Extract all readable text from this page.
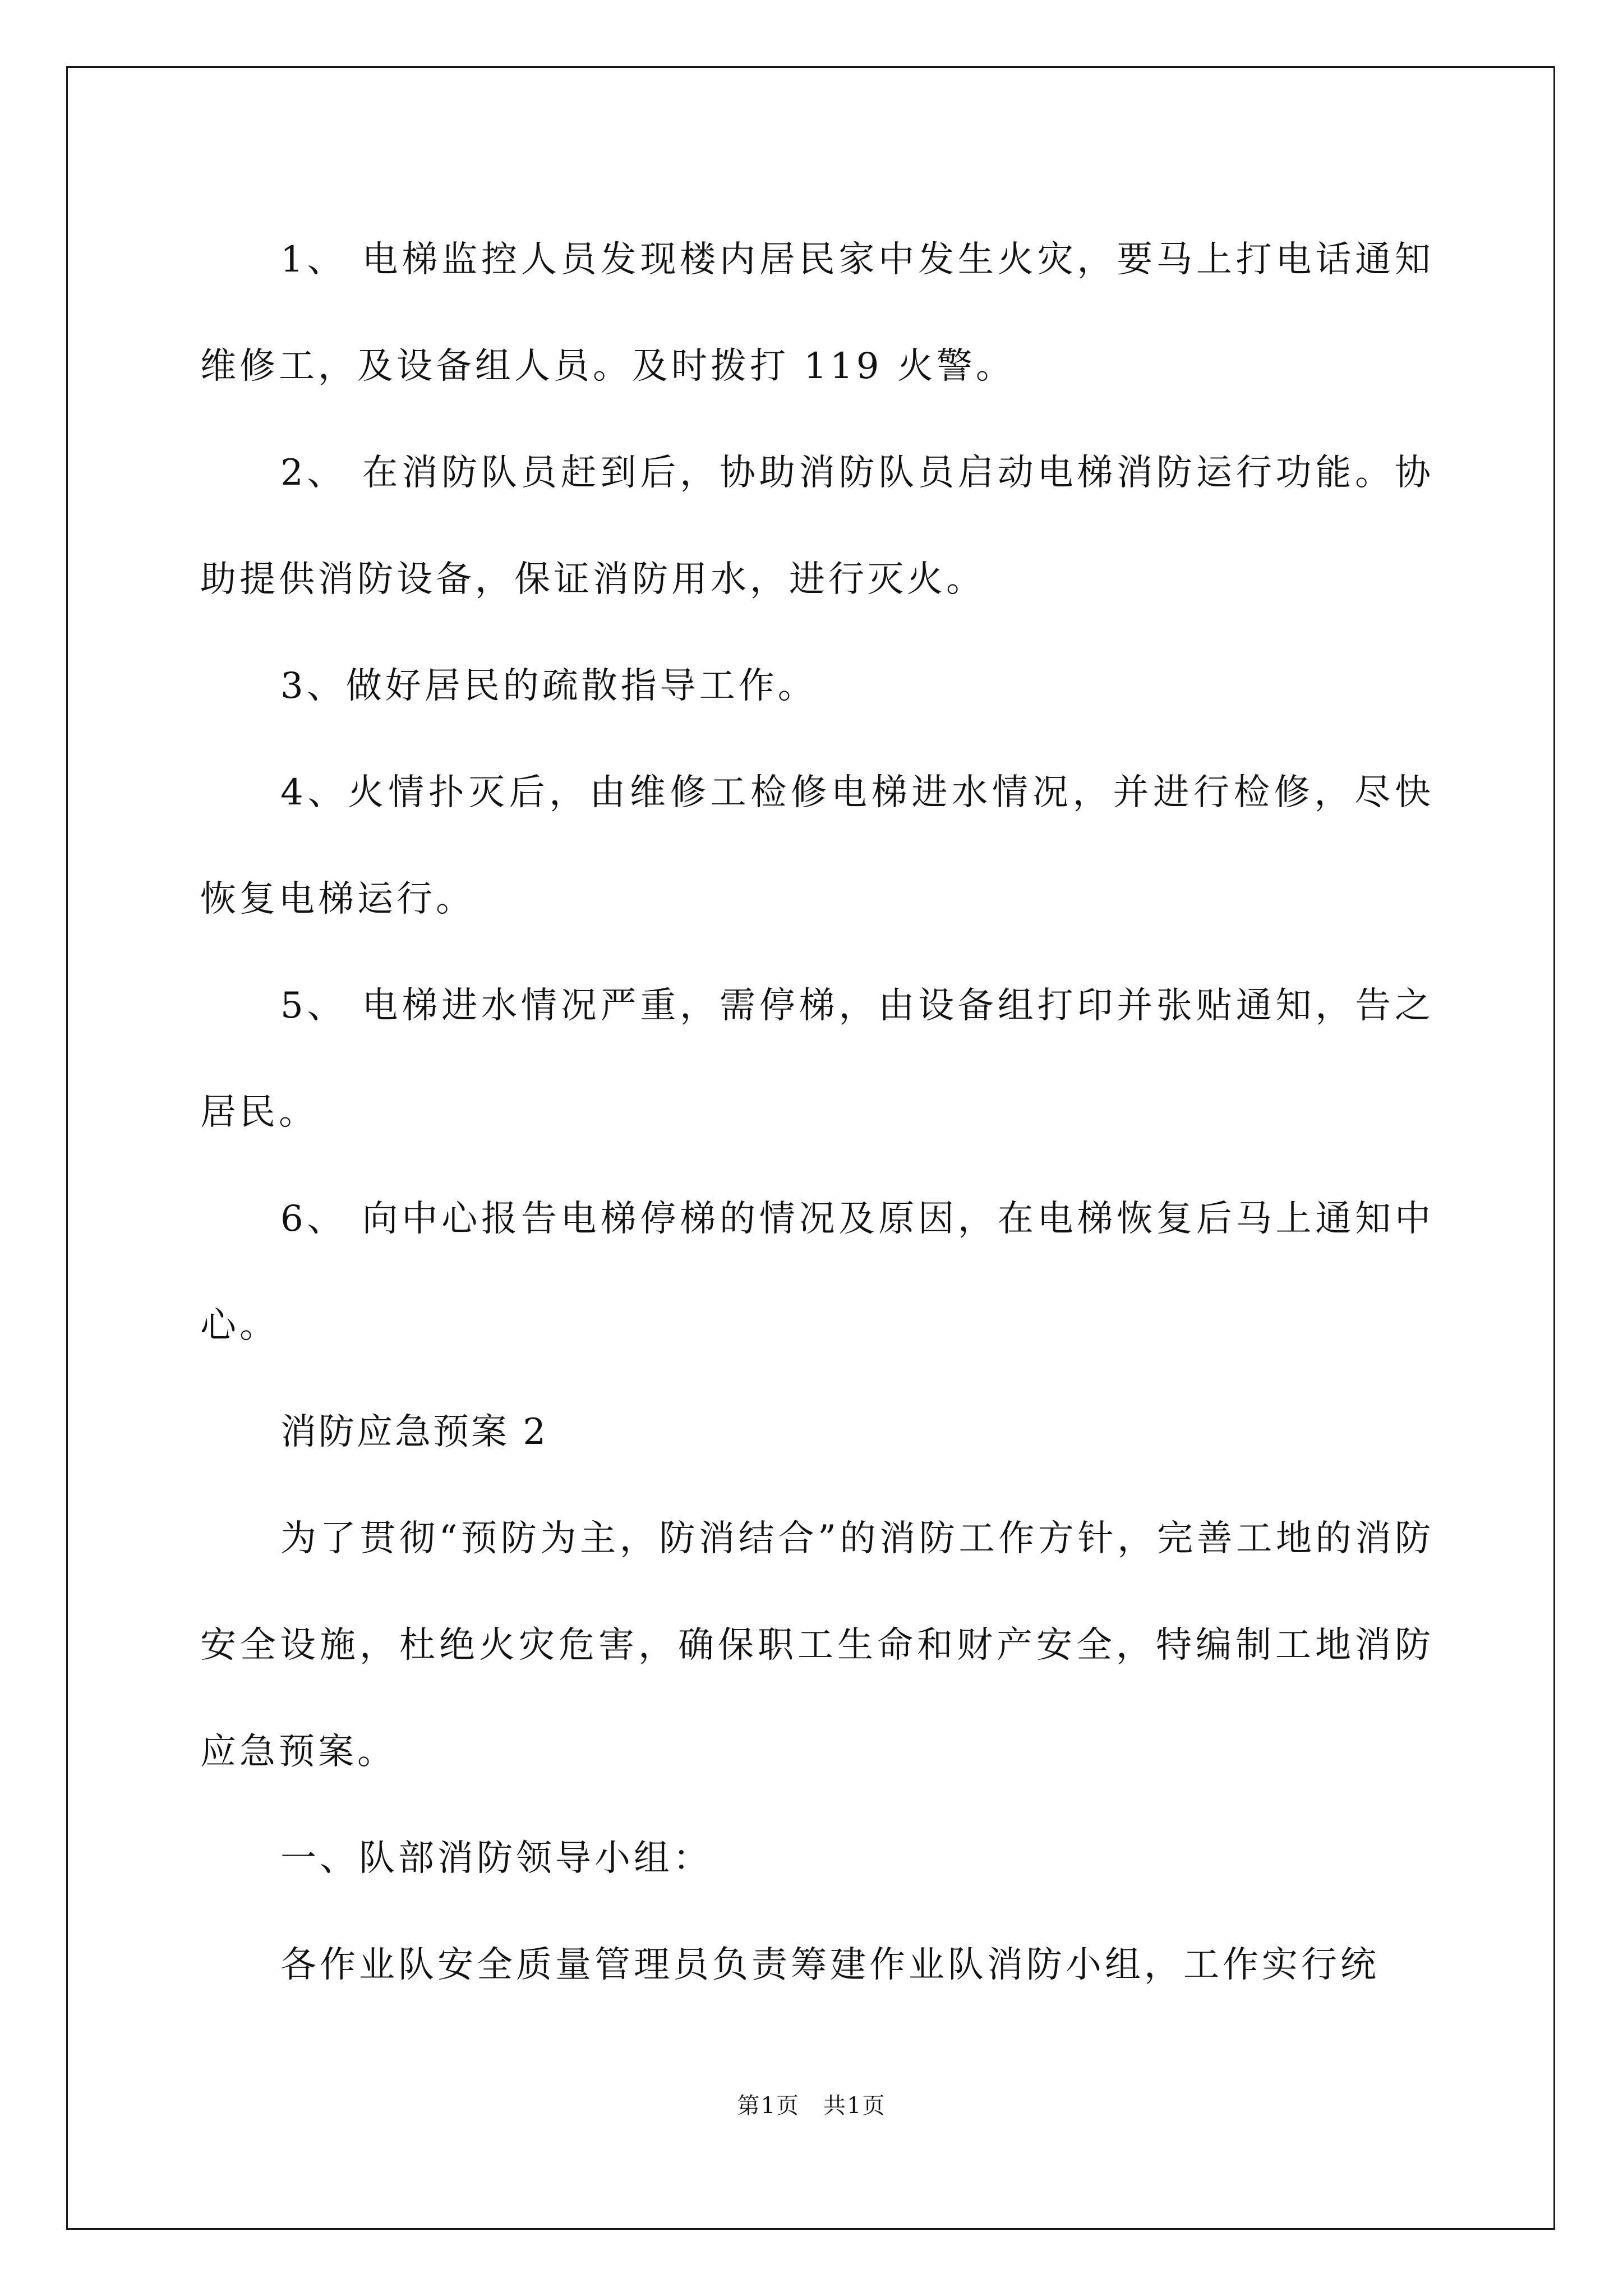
1、 电梯监控人员发现楼内居民家中发生火灾，要马上打电话通知维修工，及设备组人员。及时拨打 119 火警。

2、 在消防队员赶到后，协助消防队员启动电梯消防运行功能。协助提供消防设备，保证消防用水，进行灭火。

3、做好居民的疏散指导工作。

4、火情扑灭后，由维修工检修电梯进水情况，并进行检修，尽快恢复电梯运行。

5、 电梯进水情况严重，需停梯，由设备组打印并张贴通知，告之居民。

6、 向中心报告电梯停梯的情况及原因，在电梯恢复后马上通知中心。

消防应急预案 2

为了贯彻“预防为主，防消结合”的消防工作方针，完善工地的消防安全设施，杜绝火灾危害，确保职工生命和财产安全，特编制工地消防应急预案。

一、队部消防领导小组：

各作业队安全质量管理员负责筹建作业队消防小组，工作实行统

第1页　共1页
